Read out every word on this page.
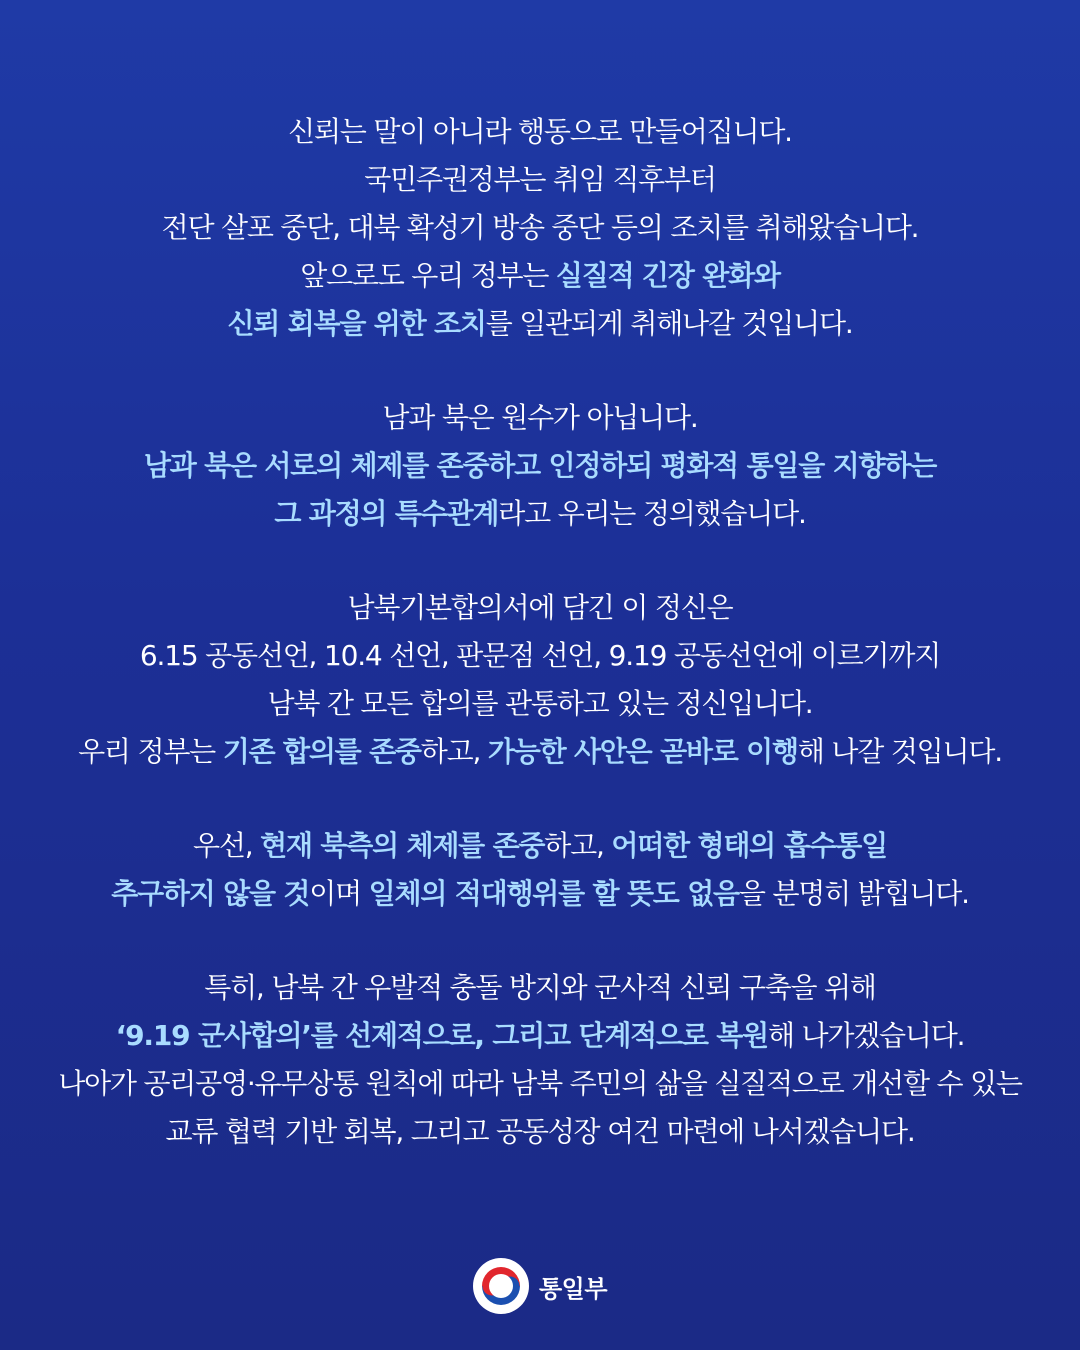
신뢰는 말이 아니라 행동으로 만들어집니다.
국민주권정부는 취임 직후부터
전단 살포 중단, 대북 확성기 방송 중단 등의 조치를 취해왔습니다.
앞으로도 우리 정부는 실질적 긴장 완화와
신뢰 회복을 위한 조치를 일관되게 취해나갈 것입니다.
남과 북은 원수가 아닙니다.
남과 북은 서로의 체제를 존중하고 인정하되 평화적 통일을 지향하는
그 과정의 특수관계라고 우리는 정의했습니다.
남북기본합의서에 담긴 이 정신은
6.15 공동선언, 10.4 선언, 판문점 선언, 9.19 공동선언에 이르기까지
남북 간 모든 합의를 관통하고 있는 정신입니다.
우리 정부는 기존 합의를 존중하고, 가능한 사안은 곧바로 이행해 나갈 것입니다.
우선, 현재 북측의 체제를 존중하고, 어떠한 형태의 흡수통일
추구하지 않을 것이며 일체의 적대행위를 할 뜻도 없음을 분명히 밝힙니다.
특히, 남북 간 우발적 충돌 방지와 군사적 신뢰 구축을 위해
‘9.19 군사합의’를 선제적으로, 그리고 단계적으로 복원해 나가겠습니다.
나아가 공리공영·유무상통 원칙에 따라 남북 주민의 삶을 실질적으로 개선할 수 있는
교류 협력 기반 회복, 그리고 공동성장 여건 마련에 나서겠습니다.
통일부
